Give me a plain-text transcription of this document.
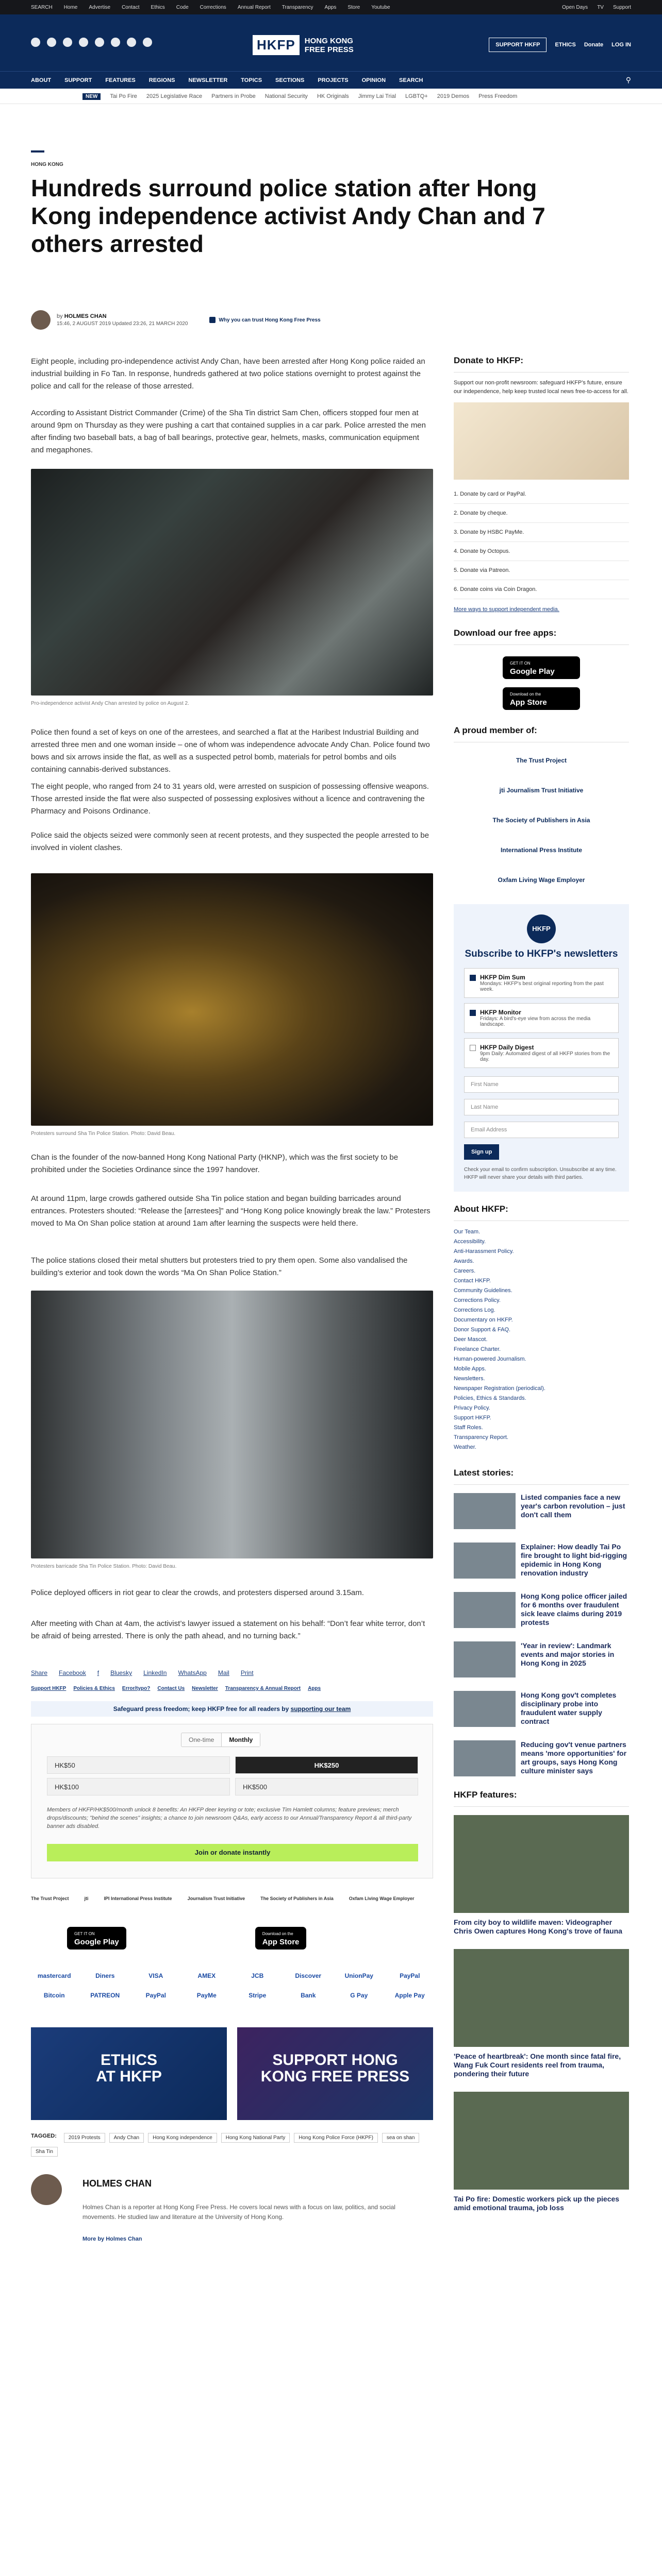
SEARCH Home Advertise Contact Ethics Code Corrections Annual Report Transparency Apps Store Youtube	Open Days TV Support
HKFP	HONG KONG
FREE PRESS
SUPPORT HKFP	ETHICS Donate LOG IN
ABOUT SUPPORT FEATURES REGIONS NEWSLETTER TOPICS SECTIONS PROJECTS OPINION SEARCH	⚲
NEW	Tai Po Fire 2025 Legislative Race Partners in Probe National Security HK Originals Jimmy Lai Trial LGBTQ+ 2019 Demos Press Freedom
HONG KONG
Hundreds surround police station after Hong Kong independence activist Andy Chan and 7 others arrested
by HOLMES CHAN
15:46, 2 AUGUST 2019 Updated 23:26, 21 MARCH 2020
Why you can trust Hong Kong Free Press

Eight people, including pro-independence activist Andy Chan, have been arrested after Hong Kong police raided an industrial building in Fo Tan. In response, hundreds gathered at two police stations overnight to protest against the police and call for the release of those arrested.

According to Assistant District Commander (Crime) of the Sha Tin district Sam Chen, officers stopped four men at around 9pm on Thursday as they were pushing a cart that contained supplies in a car park. Police arrested the men after finding two baseball bats, a bag of ball bearings, protective gear, helmets, masks, communication equipment and megaphones.

Pro-independence activist Andy Chan arrested by police on August 2.

Police then found a set of keys on one of the arrestees, and searched a flat at the Haribest Industrial Building and arrested three men and one woman inside – one of whom was independence advocate Andy Chan. Police found two bows and six arrows inside the flat, as well as a suspected petrol bomb, materials for petrol bombs and oils containing cannabis-derived substances.

The eight people, who ranged from 24 to 31 years old, were arrested on suspicion of possessing offensive weapons. Those arrested inside the flat were also suspected of possessing explosives without a licence and contravening the Pharmacy and Poisons Ordinance.

Police said the objects seized were commonly seen at recent protests, and they suspected the people arrested to be involved in violent clashes.

Protesters surround Sha Tin Police Station. Photo: David Beau.

Chan is the founder of the now-banned Hong Kong National Party (HKNP), which was the first society to be prohibited under the Societies Ordinance since the 1997 handover.

At around 11pm, large crowds gathered outside Sha Tin police station and began building barricades around entrances. Protesters shouted: “Release the [arrestees]” and “Hong Kong police knowingly break the law.” Protesters moved to Ma On Shan police station at around 1am after learning the suspects were held there.

The police stations closed their metal shutters but protesters tried to pry them open. Some also vandalised the building’s exterior and took down the words “Ma On Shan Police Station.”

Protesters barricade Sha Tin Police Station. Photo: David Beau.

Police deployed officers in riot gear to clear the crowds, and protesters dispersed around 3.15am.

After meeting with Chan at 4am, the activist’s lawyer issued a statement on his behalf: “Don’t fear white terror, don’t be afraid of being arrested. There is only the path ahead, and no turning back.”

Share Facebook f Bluesky LinkedIn WhatsApp Mail Print
Support HKFP Policies & Ethics Error/typo? Contact Us Newsletter Transparency & Annual Report Apps
Safeguard press freedom; keep HKFP free for all readers by supporting our team
One-time	Monthly
HK$50	HK$250
HK$100	HK$500
Members of HKFP/HK$500/month unlock 8 benefits: An HKFP deer keyring or tote; exclusive Tim Hamlett columns; feature previews; merch drops/discounts; "behind the scenes" insights; a chance to join newsroom Q&As, early access to our Annual/Transparency Report & all third-party banner ads disabled.
Join or donate instantly
The Trust Project	jti	IPI International Press Institute	Journalism Trust Initiative	The Society of Publishers in Asia	Oxfam Living Wage Employer
GET IT ON
Google Play
Download on the
App Store
mastercard	Diners	VISA	AMEX	JCB	Discover	UnionPay	PayPal
Bitcoin	PATREON	PayPal	PayMe	Stripe	Bank	G Pay	Apple Pay
ETHICS
AT HKFP
SUPPORT HONG
KONG FREE PRESS
TAGGED:	2019 Protests	Andy Chan	Hong Kong independence	Hong Kong National Party	Hong Kong Police Force (HKPF)	sea on shan
Sha Tin
HOLMES CHAN
Holmes Chan is a reporter at Hong Kong Free Press. He covers local news with a focus on law, politics, and social movements. He studied law and literature at the University of Hong Kong.
More by Holmes Chan
Donate to HKFP:
Support our non-profit newsroom: safeguard HKFP's future, ensure our independence, help keep trusted local news free-to-access for all.
1. Donate by card or PayPal.
2. Donate by cheque.
3. Donate by HSBC PayMe.
4. Donate by Octopus.
5. Donate via Patreon.
6. Donate coins via Coin Dragon.
More ways to support independent media.
Download our free apps:
GET IT ON
Google Play
Download on the
App Store
A proud member of:
The Trust Project
jti Journalism Trust Initiative
The Society of Publishers in Asia
International Press Institute
Oxfam Living Wage Employer
HKFP
Subscribe to HKFP's newsletters
HKFP Dim Sum
Mondays: HKFP's best original reporting from the past week.
HKFP Monitor
Fridays: A bird's-eye view from across the media landscape.
HKFP Daily Digest
9pm Daily: Automated digest of all HKFP stories from the day.
First Name
Last Name
Email Address
Sign up
Check your email to confirm subscription. Unsubscribe at any time. HKFP will never share your details with third parties.
About HKFP:
Our Team.
Accessibility.
Anti-Harassment Policy.
Awards.
Careers.
Contact HKFP.
Community Guidelines.
Corrections Policy.
Corrections Log.
Documentary on HKFP.
Donor Support & FAQ.
Deer Mascot.
Freelance Charter.
Human-powered Journalism.
Mobile Apps.
Newsletters.
Newspaper Registration (periodical).
Policies, Ethics & Standards.
Privacy Policy.
Support HKFP.
Staff Roles.
Transparency Report.
Weather.
Latest stories:
Listed companies face a new year's carbon revolution – just don't call them
Explainer: How deadly Tai Po fire brought to light bid-rigging epidemic in Hong Kong renovation industry
Hong Kong police officer jailed for 6 months over fraudulent sick leave claims during 2019 protests
'Year in review': Landmark events and major stories in Hong Kong in 2025
Hong Kong gov't completes disciplinary probe into fraudulent water supply contract
Reducing gov't venue partners means 'more opportunities' for art groups, says Hong Kong culture minister says
HKFP features:
From city boy to wildlife maven: Videographer Chris Owen captures Hong Kong's trove of fauna
'Peace of heartbreak': One month since fatal fire, Wang Fuk Court residents reel from trauma, pondering their future
Tai Po fire: Domestic workers pick up the pieces amid emotional trauma, job loss
